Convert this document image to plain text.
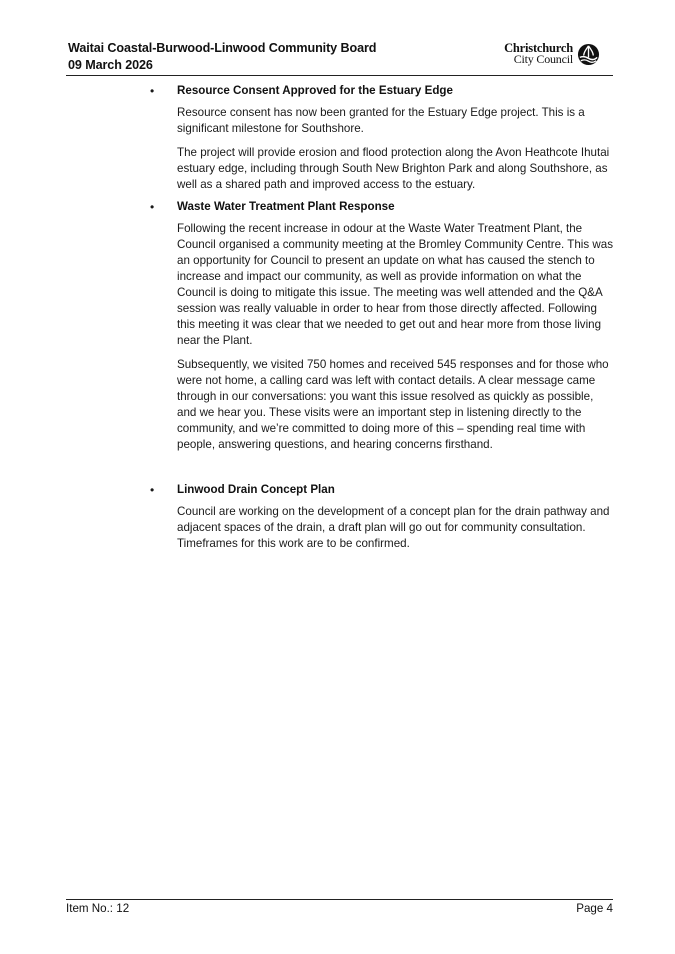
Waitai Coastal-Burwood-Linwood Community Board
09 March 2026
Christchurch
City Council
•	Resource Consent Approved for the Estuary Edge

Resource consent has now been granted for the Estuary Edge project. This is a significant milestone for Southshore.

The project will provide erosion and flood protection along the Avon Heathcote Ihutai estuary edge, including through South New Brighton Park and along Southshore, as well as a shared path and improved access to the estuary.

•	Waste Water Treatment Plant Response

Following the recent increase in odour at the Waste Water Treatment Plant, the Council organised a community meeting at the Bromley Community Centre. This was an opportunity for Council to present an update on what has caused the stench to increase and impact our community, as well as provide information on what the Council is doing to mitigate this issue. The meeting was well attended and the Q&A session was really valuable in order to hear from those directly affected. Following this meeting it was clear that we needed to get out and hear more from those living near the Plant.

Subsequently, we visited 750 homes and received 545 responses and for those who were not home, a calling card was left with contact details. A clear message came through in our conversations: you want this issue resolved as quickly as possible, and we hear you. These visits were an important step in listening directly to the community, and we’re committed to doing more of this – spending real time with people, answering questions, and hearing concerns firsthand.

•	Linwood Drain Concept Plan

Council are working on the development of a concept plan for the drain pathway and adjacent spaces of the drain, a draft plan will go out for community consultation. Timeframes for this work are to be confirmed.

Item No.: 12	Page 4
